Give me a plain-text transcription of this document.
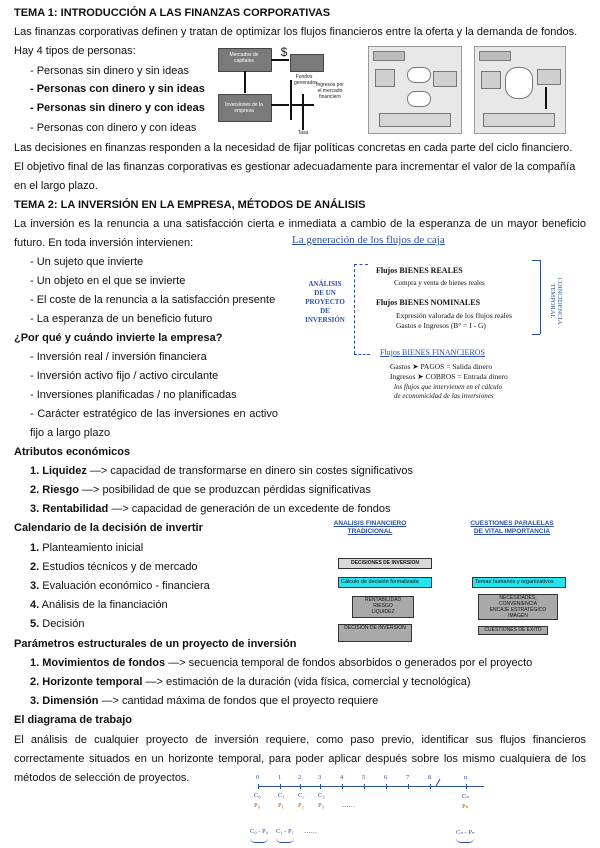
TEMA 1: INTRODUCCIÓN A LAS FINANZAS CORPORATIVAS
Las finanzas corporativas definen y tratan de optimizar los flujos financieros entre la oferta y la demanda de fondos.
Hay 4 tipos de personas:
- Personas sin dinero y sin ideas
- Personas con dinero y sin ideas
- Personas sin dinero y con ideas
- Personas con dinero y con ideas
Mercados de capitales
Inversiones de la empresa
$
Fondos generados
Ingresos por el mercado financiero
Tasa
Las decisiones en finanzas responden a la necesidad de fijar políticas concretas en cada parte del ciclo financiero.
El objetivo final de las finanzas corporativas es gestionar adecuadamente para incrementar el valor de la compañía
en el largo plazo.
TEMA 2: LA INVERSIÓN EN LA EMPRESA, MÉTODOS DE ANÁLISIS
La inversión es la renuncia a una satisfacción cierta e inmediata a cambio de la esperanza de un mayor beneficio
futuro. En toda inversión intervienen:
- Un sujeto que invierte
- Un objeto en el que se invierte
- El coste de la renuncia a la satisfacción presente
- La esperanza de un beneficio futuro
La generación de los flujos de caja
ANÁLISIS
DE UN
PROYECTO
DE
INVERSIÓN
Flujos BIENES REALES
Compra y venta de bienes reales
Flujos BIENES NOMINALES
Expresión valorada de los flujos reales
Gastos e Ingresos (B° = I - G)
COINCIDENCIA TEMPORAL
Flujos BIENES FINANCIEROS
Gastos ➤ PAGOS = Salida dinero
Ingresos ➤ COBROS = Entrada dinero
los flujos que intervienen en el cálculo
de economicidad de las inversiones
¿Por qué y cuándo invierte la empresa?
- Inversión real / inversión financiera
- Inversión activo fijo / activo circulante
- Inversiones planificadas / no planificadas
- Carácter estratégico de las inversiones en activo
fijo a largo plazo
Atributos económicos
1. Liquidez —> capacidad de transformarse en dinero sin costes significativos
2. Riesgo —> posibilidad de que se produzcan pérdidas significativas
3. Rentabilidad —> capacidad de generación de un excedente de fondos
Calendario de la decisión de invertir
1. Planteamiento inicial
2. Estudios técnicos y de mercado
3. Evaluación económico - financiera
4. Análisis de la financiación
5. Decisión
ANALISIS FINANCIERO
TRADICIONAL
CUESTIONES PARALELAS
DE VITAL IMPORTANCIA
DECISIONES DE INVERSION
Cálculo de decisión formalizada	Temas humanos y organizativos
RENTABILIDAD
RIESGO
LIQUIDEZ
NECESIDADES,
CONVENIENCIA
ENCAJE ESTRATÉGICO
IMAGEN
DECISIÓN DE INVERSIÓN	CUESTIONES DE ÉXITO
Parámetros estructurales de un proyecto de inversión
1. Movimientos de fondos —> secuencia temporal de fondos absorbidos o generados por el proyecto
2. Horizonte temporal —> estimación de la duración (vida física, comercial y tecnológica)
3. Dimensión —> cantidad máxima de fondos que el proyecto requiere
El diagrama de trabajo
El análisis de cualquier proyecto de inversión requiere, como paso previo, identificar sus flujos financieros
correctamente situados en un horizonte temporal, para poder aplicar después sobre los mismo cualquiera de los
métodos de selección de proyectos.	0	1	2	3	4	5	6	7	8	n
C₀	C₁ C₂ C₃	Cₙ
P₀	P₁ P₂ P₃	……	Pₙ
C₀ - P₀ C₁ - P₁ ……	Cₙ - Pₙ
